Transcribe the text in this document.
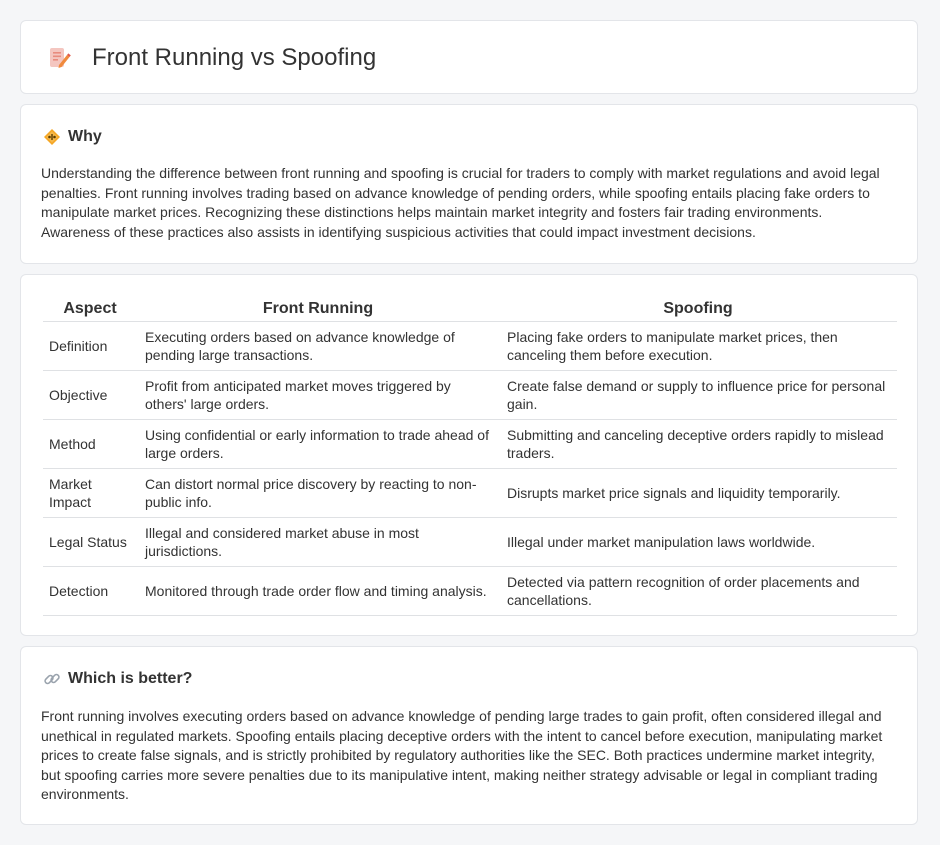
Front Running vs Spoofing
Why

Understanding the difference between front running and spoofing is crucial for traders to comply with market regulations and avoid legal penalties. Front running involves trading based on advance knowledge of pending orders, while spoofing entails placing fake orders to manipulate market prices. Recognizing these distinctions helps maintain market integrity and fosters fair trading environments. Awareness of these practices also assists in identifying suspicious activities that could impact investment decisions.

Aspect	Front Running	Spoofing
Definition	Executing orders based on advance knowledge of pending large transactions.	Placing fake orders to manipulate market prices, then canceling them before execution.
Objective	Profit from anticipated market moves triggered by others' large orders.	Create false demand or supply to influence price for personal gain.
Method	Using confidential or early information to trade ahead of large orders.	Submitting and canceling deceptive orders rapidly to mislead traders.
Market Impact	Can distort normal price discovery by reacting to non-public info.	Disrupts market price signals and liquidity temporarily.
Legal Status	Illegal and considered market abuse in most jurisdictions.	Illegal under market manipulation laws worldwide.
Detection	Monitored through trade order flow and timing analysis.	Detected via pattern recognition of order placements and cancellations.
Which is better?

Front running involves executing orders based on advance knowledge of pending large trades to gain profit, often considered illegal and unethical in regulated markets. Spoofing entails placing deceptive orders with the intent to cancel before execution, manipulating market prices to create false signals, and is strictly prohibited by regulatory authorities like the SEC. Both practices undermine market integrity, but spoofing carries more severe penalties due to its manipulative intent, making neither strategy advisable or legal in compliant trading environments.
